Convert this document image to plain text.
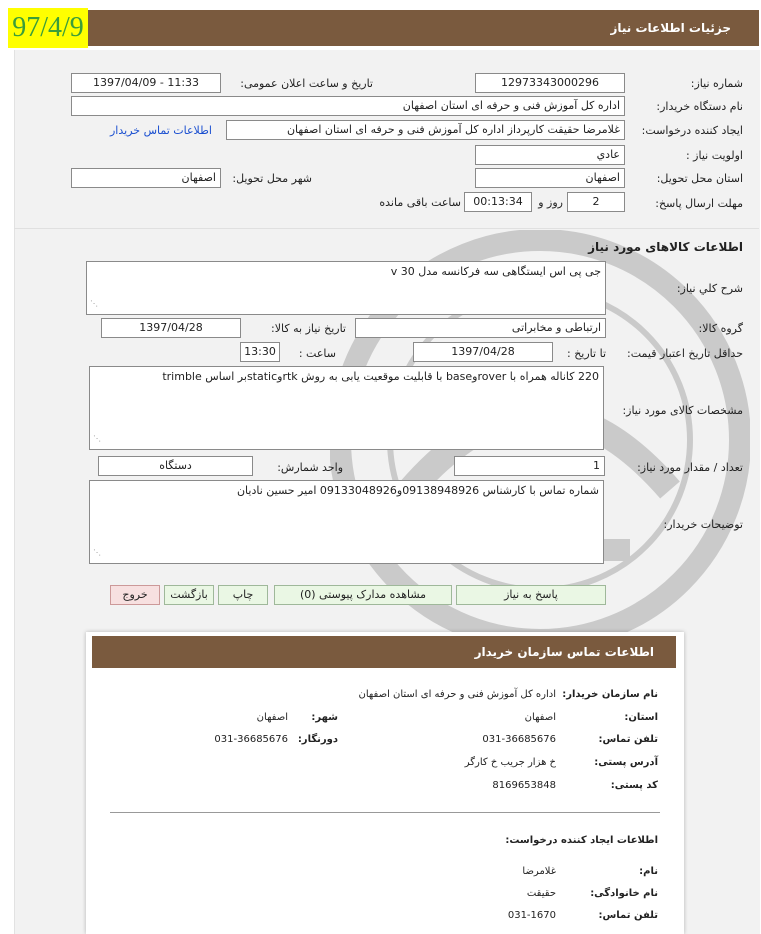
جزئیات اطلاعات نیاز
97/4/9
شماره نیاز:
12973343000296
تاریخ و ساعت اعلان عمومی:
1397/04/09 - 11:33
نام دستگاه خریدار:
اداره کل آموزش فنی و حرفه ای استان اصفهان
ایجاد کننده درخواست:
غلامرضا حقیقت کارپرداز اداره کل آموزش فنی و حرفه ای استان اصفهان
اطلاعات تماس خریدار
اولویت نیاز :
عادي
استان محل تحویل:
اصفهان
شهر محل تحویل:
اصفهان
مهلت ارسال پاسخ:
2
روز و
00:13:34
ساعت باقی مانده
اطلاعات کالاهای مورد نیاز
شرح کلي نیاز:
جی پی اس ایستگاهی سه فرکانسه مدل v 30
⋰
گروه کالا:
ارتباطی و مخابراتی
تاریخ نیاز به کالا:
1397/04/28
حداقل تاریخ اعتبار قیمت:
تا تاریخ :
1397/04/28
ساعت :
13:30
مشخصات کالای مورد نیاز:
220 کاناله همراه با roverوbase با قابلیت موقعیت یابی به روش rtkوstaticبر اساس trimble
⋰
تعداد / مقدار مورد نیاز:
1
واحد شمارش:
دستگاه
توضیحات خریدار:
شماره تماس با کارشناس 09138948926و09133048926 امیر حسین نادیان
⋰
پاسخ به نیاز
مشاهده مدارک پیوستی (0)
چاپ
بازگشت
خروج
اطلاعات تماس سازمان خریدار
نام سازمان خریدار:
اداره کل آموزش فنی و حرفه ای استان اصفهان
استان:
اصفهان
شهر:
اصفهان
تلفن تماس:
031-36685676
دورنگار:
031-36685676
آدرس پستی:
خ هزار جریب خ کارگر
کد پستی:
8169653848
اطلاعات ایجاد کننده درخواست:
نام:
غلامرضا
نام خانوادگی:
حقیقت
تلفن تماس:
031-1670
